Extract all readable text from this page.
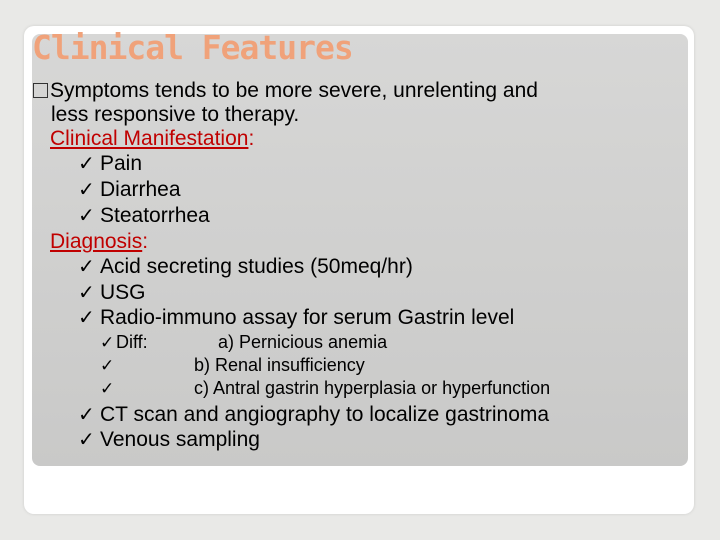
Clinical Features
Symptoms tends to be more severe, unrelenting and
less responsive to therapy.
Clinical Manifestation:
✓ Pain
✓ Diarrhea
✓ Steatorrhea
Diagnosis:
✓ Acid secreting studies (50meq/hr)
✓ USG
✓ Radio-immuno assay for serum Gastrin level
✓Diff:	a) Pernicious anemia
✓	b) Renal insufficiency
✓	c) Antral gastrin hyperplasia or hyperfunction
✓ CT scan and angiography to localize gastrinoma
✓ Venous sampling
